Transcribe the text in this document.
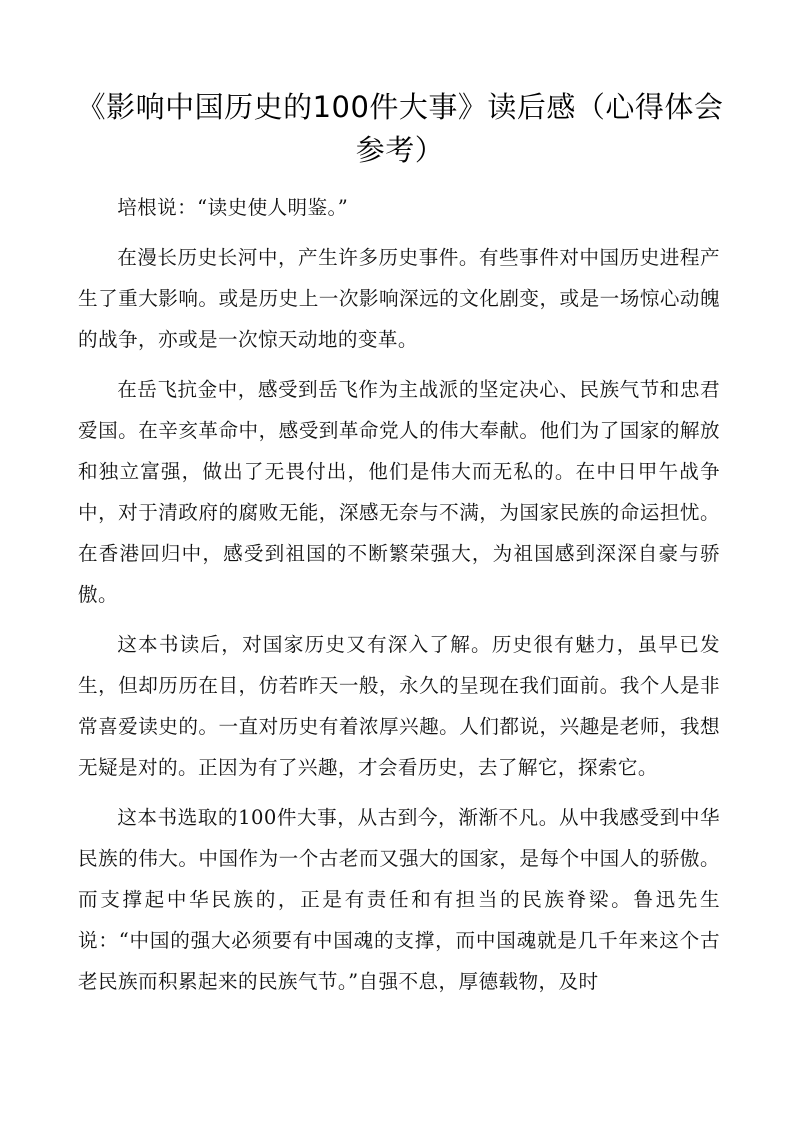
《影响中国历史的100件大事》读后感（心得体会参考）

培根说：“读史使人明鉴。”

在漫长历史长河中，产生许多历史事件。有些事件对中国历史进程产生了重大影响。或是历史上一次影响深远的文化剧变，或是一场惊心动魄的战争，亦或是一次惊天动地的变革。

在岳飞抗金中，感受到岳飞作为主战派的坚定决心、民族气节和忠君爱国。在辛亥革命中，感受到革命党人的伟大奉献。他们为了国家的解放和独立富强，做出了无畏付出，他们是伟大而无私的。在中日甲午战争中，对于清政府的腐败无能，深感无奈与不满，为国家民族的命运担忧。在香港回归中，感受到祖国的不断繁荣强大，为祖国感到深深自豪与骄傲。

这本书读后，对国家历史又有深入了解。历史很有魅力，虽早已发生，但却历历在目，仿若昨天一般，永久的呈现在我们面前。我个人是非常喜爱读史的。一直对历史有着浓厚兴趣。人们都说，兴趣是老师，我想无疑是对的。正因为有了兴趣，才会看历史，去了解它，探索它。

这本书选取的100件大事，从古到今，渐渐不凡。从中我感受到中华民族的伟大。中国作为一个古老而又强大的国家，是每个中国人的骄傲。而支撑起中华民族的，正是有责任和有担当的民族脊梁。鲁迅先生说：“中国的强大必须要有中国魂的支撑，而中国魂就是几千年来这个古老民族而积累起来的民族气节。”自强不息，厚德载物，及时
